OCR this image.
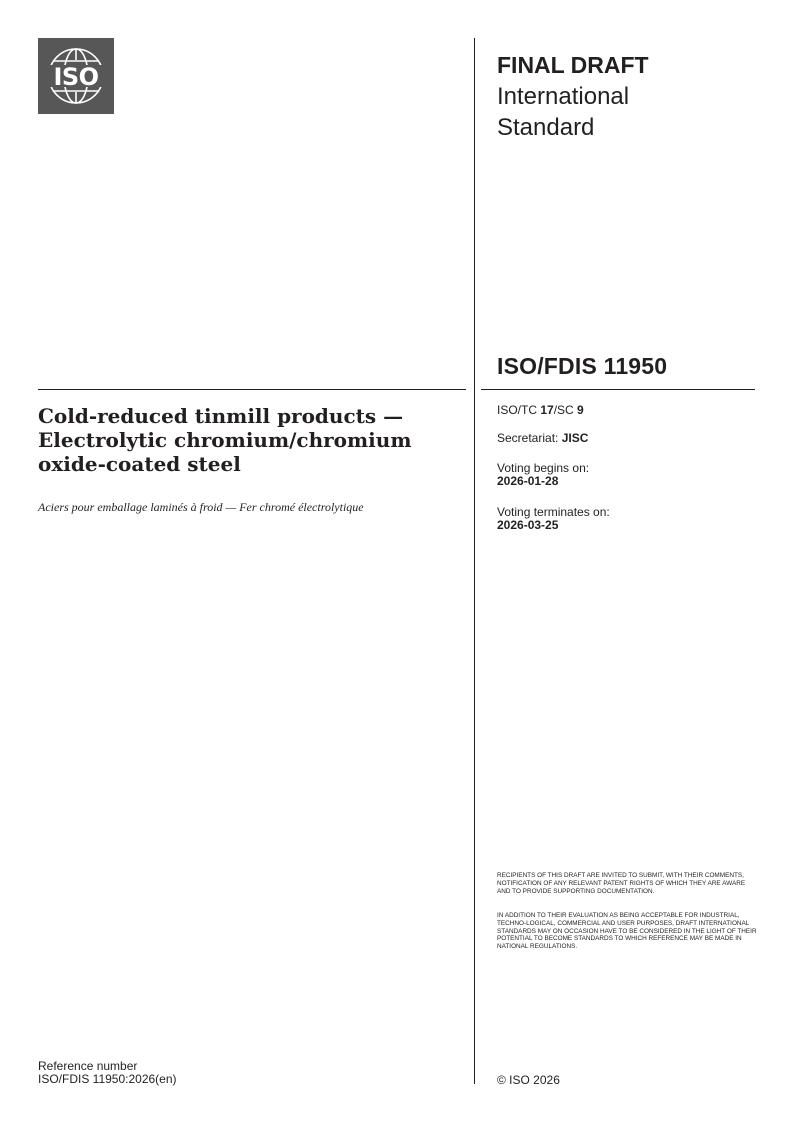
ISO	FINAL DRAFT
International
Standard
ISO/FDIS 11950
Cold-reduced tinmill products — Electrolytic chromium/chromium oxide-coated steel
Aciers pour emballage laminés à froid — Fer chromé électrolytique
ISO/TC 17/SC 9
Secretariat: JISC
Voting begins on:
2026-01-28
Voting terminates on:
2026-03-25
RECIPIENTS OF THIS DRAFT ARE INVITED TO SUBMIT, WITH THEIR COMMENTS, NOTIFICATION OF ANY RELEVANT PATENT RIGHTS OF WHICH THEY ARE AWARE AND TO PROVIDE SUPPORTING DOCUMENTATION.
IN ADDITION TO THEIR EVALUATION AS BEING ACCEPTABLE FOR INDUSTRIAL, TECHNO-LOGICAL, COMMERCIAL AND USER PURPOSES, DRAFT INTERNATIONAL STANDARDS MAY ON OCCASION HAVE TO BE CONSIDERED IN THE LIGHT OF THEIR POTENTIAL TO BECOME STANDARDS TO WHICH REFERENCE MAY BE MADE IN NATIONAL REGULATIONS.
Reference number
ISO/FDIS 11950:2026(en)	© ISO 2026
